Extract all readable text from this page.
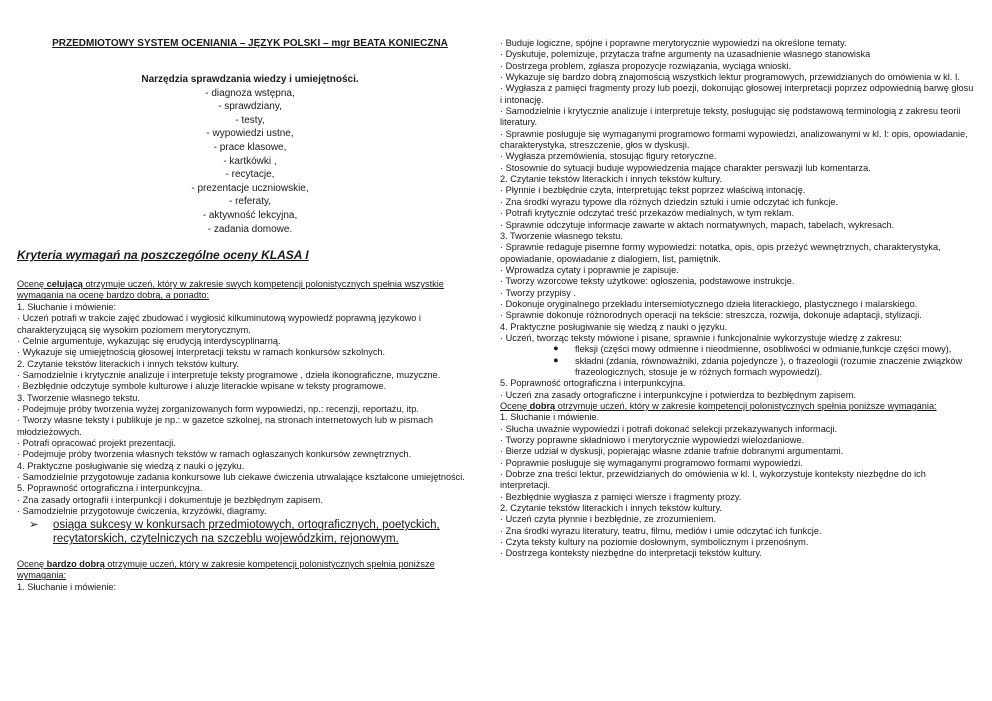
PRZEDMIOTOWY SYSTEM OCENIANIA – JĘZYK POLSKI – mgr BEATA KONIECZNA
Narzędzia sprawdzania wiedzy i umiejętności.
- diagnoza wstępna,
- sprawdziany,
- testy,
- wypowiedzi ustne,
- prace klasowe,
- kartkówki ,
- recytacje,
- prezentacje uczniowskie,
- referaty,
- aktywność lekcyjna,
- zadania domowe.
Kryteria wymagań na poszczególne oceny KLASA I

Ocenę celującą otrzymuje uczeń, który w zakresie swych kompetencji polonistycznych spełnia wszystkie wymagania na ocenę bardzo dobrą, a ponadto:

1. Słuchanie i mówienie:

· Uczeń potrafi w trakcie zajęć zbudować i wygłosić kilkuminutową wypowiedź poprawną językowo i charakteryzującą się wysokim poziomem merytorycznym.

· Celnie argumentuje, wykazując się erudycją interdyscyplinarną.

· Wykazuje się umiejętnością głosowej interpretacji tekstu w ramach konkursów szkolnych.

2. Czytanie tekstów literackich i innych tekstów kultury.

· Samodzielnie i krytycznie analizuje i interpretuje teksty programowe , dzieła ikonograficzne, muzyczne.

· Bezbłędnie odczytuje symbole kulturowe i aluzje literackie wpisane w teksty programowe.

3. Tworzenie własnego tekstu.

· Podejmuje próby tworzenia wyżej zorganizowanych form wypowiedzi, np.: recenzji, reportażu, itp.

· Tworzy własne teksty i publikuje je np.: w gazetce szkolnej, na stronach internetowych lub w pismach młodzieżowych.

· Potrafi opracować projekt prezentacji.

· Podejmuje próby tworzenia własnych tekstów w ramach ogłaszanych konkursów zewnętrznych.

4. Praktyczne posługiwanie się wiedzą z nauki o języku.

· Samodzielnie przygotowuje zadania konkursowe lub ciekawe ćwiczenia utrwalające kształcone umiejętności.

5. Poprawność ortograficzna i interpunkcyjna.

· Zna zasady ortografii i interpunkcji i dokumentuje je bezbłędnym zapisem.

· Samodzielnie przygotowuje ćwiczenia, krzyżówki, diagramy.

➢ osiąga sukcesy w konkursach przedmiotowych, ortograficznych, poetyckich, recytatorskich, czytelniczych na szczeblu wojewódzkim, rejonowym.

Ocenę bardzo dobrą otrzymuje uczeń, który w zakresie kompetencji polonistycznych spełnia poniższe wymagania:

1. Słuchanie i mówienie:

· Buduje logiczne, spójne i poprawne merytorycznie wypowiedzi na określone tematy.

· Dyskutuje, polemizuje, przytacza trafne argumenty na uzasadnienie własnego stanowiska

· Dostrzega problem, zgłasza propozycje rozwiązania, wyciąga wnioski.

· Wykazuje się bardzo dobrą znajomością wszystkich lektur programowych, przewidzianych do omówienia w kl. I.

· Wygłasza z pamięci fragmenty prozy lub poezji, dokonując głosowej interpretacji poprzez odpowiednią barwę głosu i intonację.

· Samodzielnie i krytycznie analizuje i interpretuje teksty, posługując się podstawową terminologią z zakresu teorii literatury.

· Sprawnie posługuje się wymaganymi programowo formami wypowiedzi, analizowanymi w kl. I: opis, opowiadanie, charakterystyka, streszczenie, głos w dyskusji.

· Wygłasza przemówienia, stosując figury retoryczne.

· Stosownie do sytuacji buduje wypowiedzenia mające charakter perswazji lub komentarza.

2. Czytanie tekstów literackich i innych tekstów kultury.

· Płynnie i bezbłędnie czyta, interpretując tekst poprzez właściwą intonację.

· Zna środki wyrazu typowe dla różnych dziedzin sztuki i umie odczytać ich funkcje.

· Potrafi krytycznie odczytać treść przekazów medialnych, w tym reklam.

· Sprawnie odczytuje informacje zawarte w aktach normatywnych, mapach, tabelach, wykresach.

3. Tworzenie własnego tekstu.

· Sprawnie redaguje pisemne formy wypowiedzi: notatka, opis, opis przeżyć wewnętrznych, charakterystyka, opowiadanie, opowiadanie z dialogiem, list, pamiętnik.

· Wprowadza cytaty i poprawnie je zapisuje.

· Tworzy wzorcowe teksty użytkowe: ogłoszenia, podstawowe instrukcje.

· Tworzy przypisy .

· Dokonuje oryginalnego przekładu intersemiotycznego dzieła literackiego, plastycznego i malarskiego.

· Sprawnie dokonuje różnorodnych operacji na tekście: streszcza, rozwija, dokonuje adaptacji, stylizacji.

4. Praktyczne posługiwanie się wiedzą z nauki o języku.

· Uczeń, tworząc teksty mówione i pisane, sprawnie i funkcjonalnie wykorzystuje wiedzę z zakresu:

● fleksji (części mowy odmienne i nieodmienne, osobliwości w odmianie,funkcje części mowy),
● składni (zdania, równoważniki, zdania pojedyncze ), o frazeologii (rozumie znaczenie związków frazeologicznych, stosuje je w różnych formach wypowiedzi).

5. Poprawność ortograficzna i interpunkcyjna.

· Uczeń zna zasady ortograficzne i interpunkcyjne i potwierdza to bezbłędnym zapisem.

Ocenę dobrą otrzymuje uczeń, który w zakresie kompetencji polonistycznych spełnia poniższe wymagania:

1. Słuchanie i mówienie.

· Słucha uważnie wypowiedzi i potrafi dokonać selekcji przekazywanych informacji.

· Tworzy poprawne składniowo i merytorycznie wypowiedzi wielozdaniowe.

· Bierze udział w dyskusji, popierając własne zdanie trafnie dobranymi argumentami.

· Poprawnie posługuje się wymaganymi programowo formami wypowiedzi.

· Dobrze zna treści lektur, przewidzianych do omówienia w kl. I, wykorzystuje konteksty niezbędne do ich interpretacji.

· Bezbłędnie wygłasza z pamięci wiersze i fragmenty prozy.

2. Czytanie tekstów literackich i innych tekstów kultury.

· Uczeń czyta płynnie i bezbłędnie, ze zrozumieniem.

· Zna środki wyrazu literatury, teatru, filmu, mediów i umie odczytać ich funkcje.

· Czyta teksty kultury na poziomie dosłownym, symbolicznym i przenośnym.

· Dostrzega konteksty niezbędne do interpretacji tekstów kultury.
